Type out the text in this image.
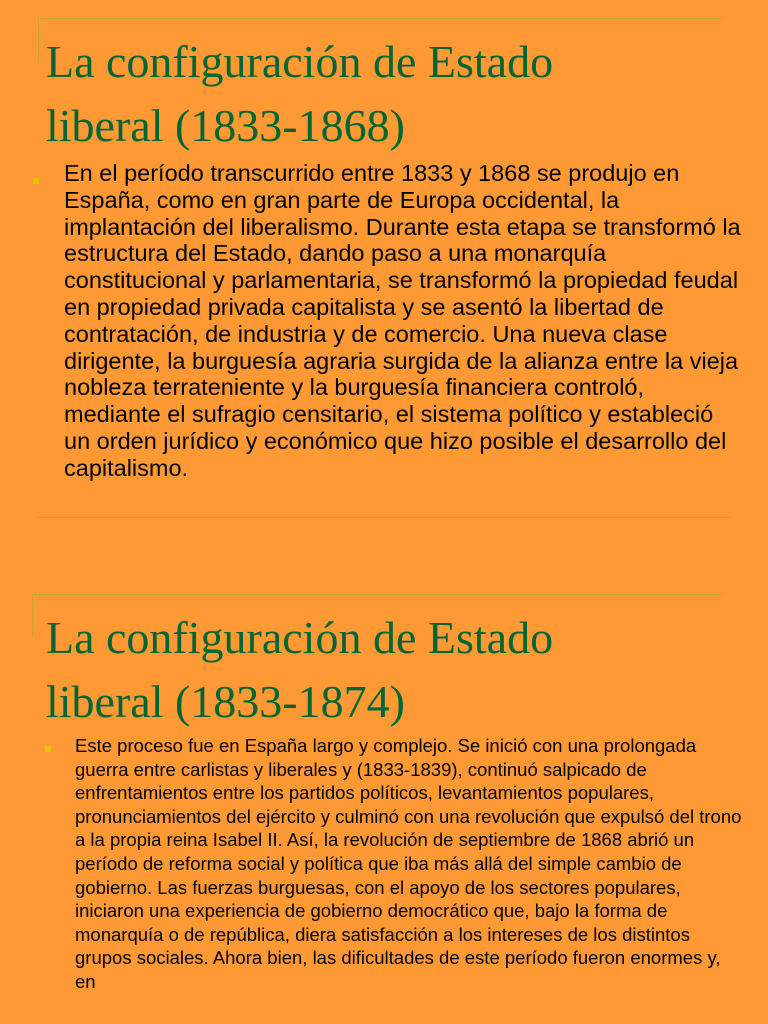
La configuración de Estado
liberal (1833-1868)

En el período transcurrido entre 1833 y 1868 se produjo en España, como en gran parte de Europa occidental, la implantación del liberalismo. Durante esta etapa se transformó la estructura del Estado, dando paso a una monarquía constitucional y parlamentaria, se transformó la propiedad feudal en propiedad privada capitalista y se asentó la libertad de contratación, de industria y de comercio. Una nueva clase dirigente, la burguesía agraria surgida de la alianza entre la vieja nobleza terrateniente y la burguesía financiera controló, mediante el sufragio censitario, el sistema político y estableció un orden jurídico y económico que hizo posible el desarrollo del capitalismo.

La configuración de Estado
liberal (1833-1874)

Este proceso fue en España largo y complejo. Se inició con una prolongada guerra entre carlistas y liberales y (1833-1839), continuó salpicado de enfrentamientos entre los partidos políticos, levantamientos populares, pronunciamientos del ejército y culminó con una revolución que expulsó del trono a la propia reina Isabel II. Así, la revolución de septiembre de 1868 abrió un período de reforma social y política que iba más allá del simple cambio de gobierno. Las fuerzas burguesas, con el apoyo de los sectores populares, iniciaron una experiencia de gobierno democrático que, bajo la forma de monarquía o de república, diera satisfacción a los intereses de los distintos grupos sociales. Ahora bien, las dificultades de este período fueron enormes y, en
